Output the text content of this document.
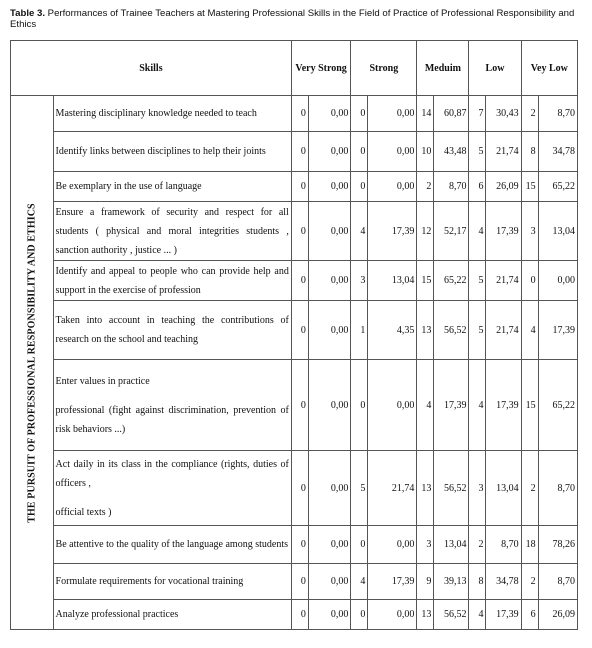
Table 3. Performances of Trainee Teachers at Mastering Professional Skills in the Field of Practice of Professional Responsibility and Ethics
Skills		Very Strong		Strong		Meduim		Low		Vey Low	

THE PURSUIT OF PROFESSIONAL RESPONSIBILITY AND ETHICS	Mastering disciplinary knowledge needed to teach	0	0,00	0	0,00	14	60,87	7	30,43	2	8,70

	Identify links between disciplines to help their joints	0	0,00	0	0,00	10	43,48	5	21,74	8	34,78

	Be exemplary in the use of language	0	0,00	0	0,00	2	8,70	6	26,09	15	65,22

	Ensure a framework of security and respect for all students ( physical and moral integrities students , sanction authority , justice ... )	0	0,00	4	17,39	12	52,17	4	17,39	3	13,04

	Identify and appeal to people who can provide help and support in the exercise of profession	0	0,00	3	13,04	15	65,22	5	21,74	0	0,00

	Taken into account in teaching the contributions of research on the school and teaching	0	0,00	1	4,35	13	56,52	5	21,74	4	17,39

	Enter values in practice
professional (fight against discrimination, prevention of risk behaviors ...)	0	0,00	0	0,00	4	17,39	4	17,39	15	65,22

	Act daily in its class in the compliance (rights, duties of officers ,
official texts )	0	0,00	5	21,74	13	56,52	3	13,04	2	8,70

	Be attentive to the quality of the language among students	0	0,00	0	0,00	3	13,04	2	8,70	18	78,26

	Formulate requirements for vocational training	0	0,00	4	17,39	9	39,13	8	34,78	2	8,70

	Analyze professional practices	0	0,00	0	0,00	13	56,52	4	17,39	6	26,09
